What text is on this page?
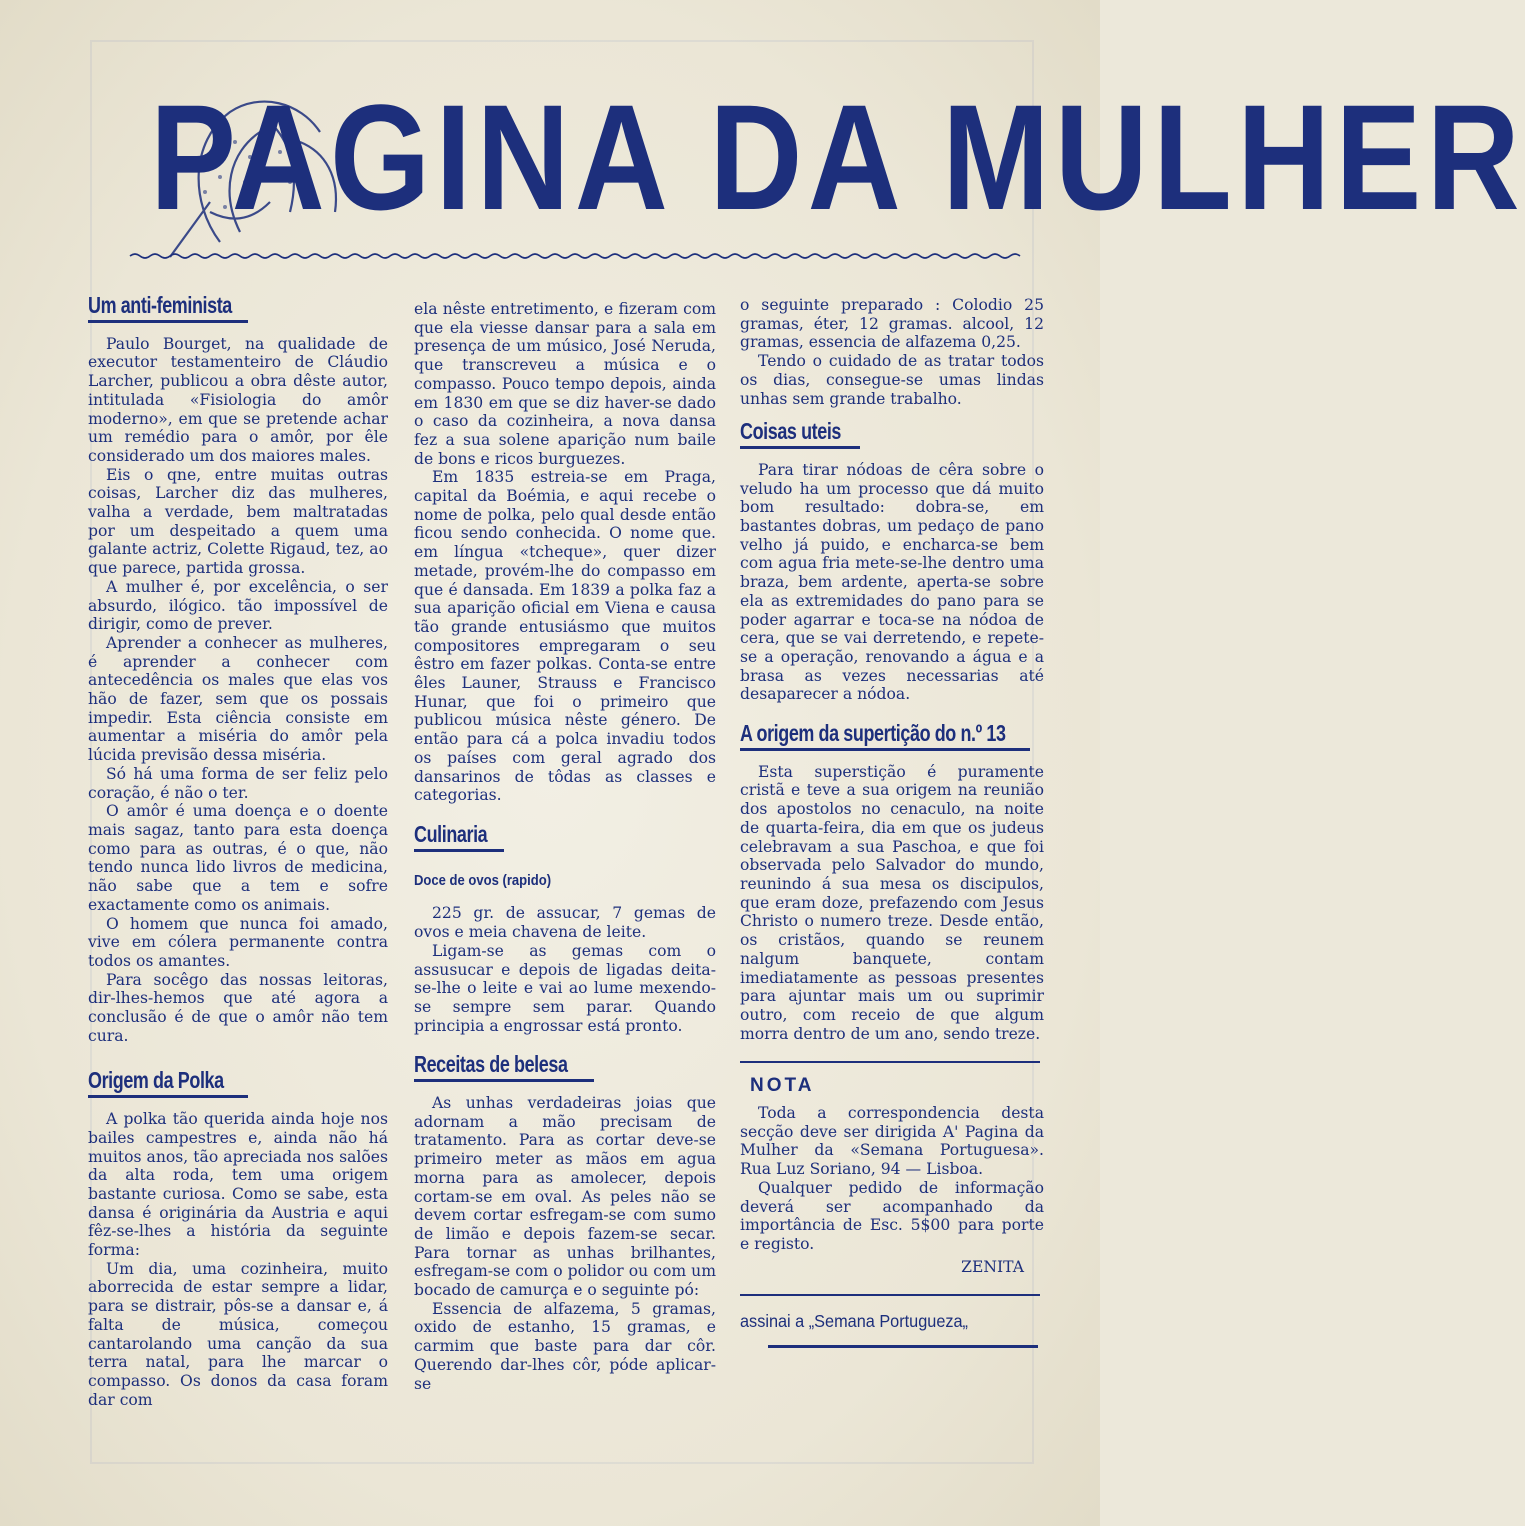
PAGINA DA MULHER
Um anti-feminista

Paulo Bourget, na qualidade de executor testamenteiro de Cláudio Larcher, publicou a obra dêste autor, intitulada «Fisiologia do amôr moderno», em que se pretende achar um remédio para o amôr, por êle considerado um dos maiores males.

Eis o qne, entre muitas outras coisas, Larcher diz das mulheres, valha a verdade, bem maltratadas por um despeitado a quem uma galante actriz, Colette Rigaud, tez, ao que parece, partida grossa.

A mulher é, por excelência, o ser absurdo, ilógico. tão impossível de dirigir, como de prever.

Aprender a conhecer as mulheres, é aprender a conhecer com antecedência os males que elas vos hão de fazer, sem que os possais impedir. Esta ciência consiste em aumentar a miséria do amôr pela lúcida previsão dessa miséria.

Só há uma forma de ser feliz pelo coração, é não o ter.

O amôr é uma doença e o doente mais sagaz, tanto para esta doença como para as outras, é o que, não tendo nunca lido livros de medicina, não sabe que a tem e sofre exactamente como os animais.

O homem que nunca foi amado, vive em cólera permanente contra todos os amantes.

Para socêgo das nossas leitoras, dir-lhes-hemos que até agora a conclusão é de que o amôr não tem cura.

Origem da Polka

A polka tão querida ainda hoje nos bailes campestres e, ainda não há muitos anos, tão apreciada nos salões da alta roda, tem uma origem bastante curiosa. Como se sabe, esta dansa é originária da Austria e aqui fêz-se-lhes a história da seguinte forma:

Um dia, uma cozinheira, muito aborrecida de estar sempre a lidar, para se distrair, pôs-se a dansar e, á falta de música, começou cantarolando uma canção da sua terra natal, para lhe marcar o compasso. Os donos da casa foram dar com

ela nêste entretimento, e fizeram com que ela viesse dansar para a sala em presença de um músico, José Neruda, que transcreveu a música e o compasso. Pouco tempo depois, ainda em 1830 em que se diz haver-se dado o caso da cozinheira, a nova dansa fez a sua solene aparição num baile de bons e ricos burguezes.

Em 1835 estreia-se em Praga, capital da Boémia, e aqui recebe o nome de polka, pelo qual desde então ficou sendo conhecida. O nome que. em língua «tcheque», quer dizer metade, provém-lhe do compasso em que é dansada. Em 1839 a polka faz a sua aparição oficial em Viena e causa tão grande entusiásmo que muitos compositores empregaram o seu êstro em fazer polkas. Conta-se entre êles Launer, Strauss e Francisco Hunar, que foi o primeiro que publicou música nêste género. De então para cá a polca invadiu todos os países com geral agrado dos dansarinos de tôdas as classes e categorias.

Culinaria
Doce de ovos (rapido)

225 gr. de assucar, 7 gemas de ovos e meia chavena de leite.

Ligam-se as gemas com o assusucar e depois de ligadas deita-se-lhe o leite e vai ao lume mexendo-se sempre sem parar. Quando principia a engrossar está pronto.

Receitas de belesa

As unhas verdadeiras joias que adornam a mão precisam de tratamento. Para as cortar deve-se primeiro meter as mãos em agua morna para as amolecer, depois cortam-se em oval. As peles não se devem cortar esfregam-se com sumo de limão e depois fazem-se secar. Para tornar as unhas brilhantes, esfregam-se com o polidor ou com um bocado de camurça e o seguinte pó:

Essencia de alfazema, 5 gramas, oxido de estanho, 15 gramas, e carmim que baste para dar côr. Querendo dar-lhes côr, póde aplicar-se

o seguinte preparado : Colodio 25 gramas, éter, 12 gramas. alcool, 12 gramas, essencia de alfazema 0,25.

Tendo o cuidado de as tratar todos os dias, consegue-se umas lindas unhas sem grande trabalho.

Coisas uteis

Para tirar nódoas de cêra sobre o veludo ha um processo que dá muito bom resultado: dobra-se, em bastantes dobras, um pedaço de pano velho já puido, e encharca-se bem com agua fria mete-se-lhe dentro uma braza, bem ardente, aperta-se sobre ela as extremidades do pano para se poder agarrar e toca-se na nódoa de cera, que se vai derretendo, e repete-se a operação, renovando a água e a brasa as vezes necessarias até desaparecer a nódoa.

A origem da supertição do n.º 13

Esta superstição é puramente cristã e teve a sua origem na reunião dos apostolos no cenaculo, na noite de quarta-feira, dia em que os judeus celebravam a sua Paschoa, e que foi observada pelo Salvador do mundo, reunindo á sua mesa os discipulos, que eram doze, prefazendo com Jesus Christo o numero treze. Desde então, os cristãos, quando se reunem nalgum banquete, contam imediatamente as pessoas presentes para ajuntar mais um ou suprimir outro, com receio de que algum morra dentro de um ano, sendo treze.

NOTA

Toda a correspondencia desta secção deve ser dirigida A' Pagina da Mulher da «Semana Portuguesa». Rua Luz Soriano, 94 — Lisboa.

Qualquer pedido de informação deverá ser acompanhado da importância de Esc. 5$00 para porte e registo.

ZENITA
assinai a „Semana Portugueza„
